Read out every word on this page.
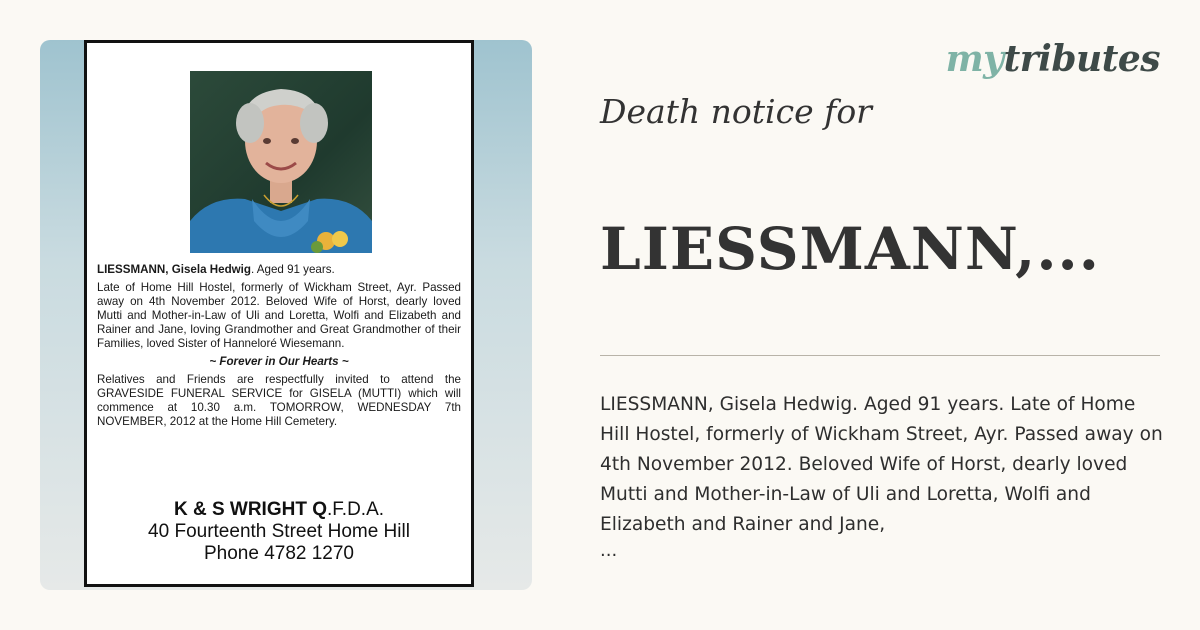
mytributes

LIESSMANN, Gisela Hedwig. Aged 91 years.

Late of Home Hill Hostel, formerly of Wickham Street, Ayr. Passed away on 4th November 2012. Beloved Wife of Horst, dearly loved Mutti and Mother-in-Law of Uli and Loretta, Wolfi and Elizabeth and Rainer and Jane, loving Grandmother and Great Grandmother of their Families, loved Sister of Hanneloré Wiesemann.

~ Forever in Our Hearts ~

Relatives and Friends are respectfully invited to attend the GRAVESIDE FUNERAL SERVICE for GISELA (MUTTI) which will commence at 10.30 a.m. TOMORROW, WEDNESDAY 7th NOVEMBER, 2012 at the Home Hill Cemetery.

K & S WRIGHT Q.F.D.A.
40 Fourteenth Street Home Hill
Phone 4782 1270
Death notice for
LIESSMANN,...
LIESSMANN, Gisela Hedwig. Aged 91 years. Late of Home Hill Hostel, formerly of Wickham Street, Ayr. Passed away on 4th November 2012. Beloved Wife of Horst, dearly loved Mutti and Mother-in-Law of Uli and Loretta, Wolfi and Elizabeth and Rainer and Jane,
...
